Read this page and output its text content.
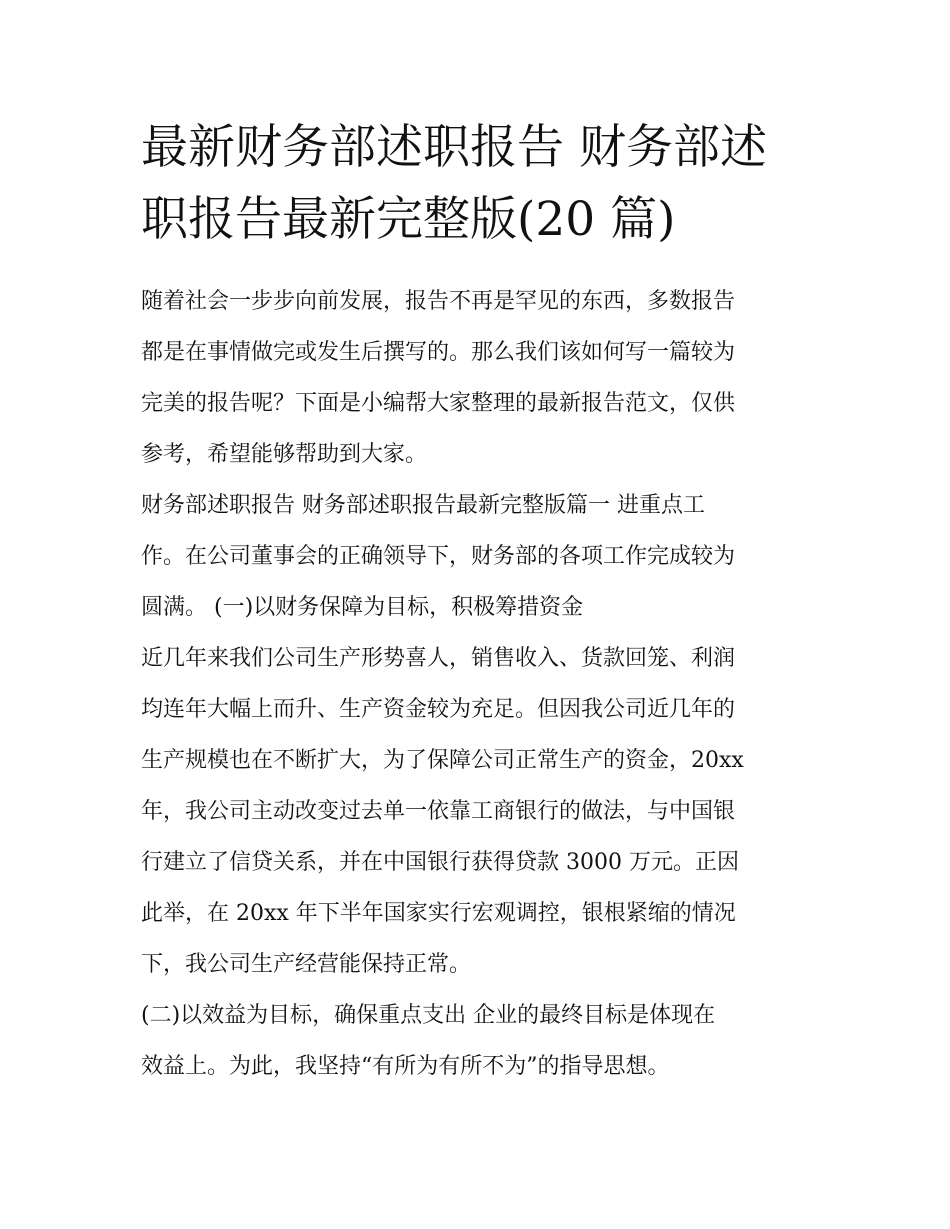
最新财务部述职报告 财务部述
职报告最新完整版(20 篇)

随着社会一步步向前发展，报告不再是罕见的东西，多数报告
都是在事情做完或发生后撰写的。那么我们该如何写一篇较为
完美的报告呢？下面是小编帮大家整理的最新报告范文，仅供
参考，希望能够帮助到大家。

财务部述职报告 财务部述职报告最新完整版篇一 进重点工
作。在公司董事会的正确领导下，财务部的各项工作完成较为
圆满。 (一)以财务保障为目标，积极筹措资金

近几年来我们公司生产形势喜人，销售收入、货款回笼、利润
均连年大幅上而升、生产资金较为充足。但因我公司近几年的
生产规模也在不断扩大，为了保障公司正常生产的资金，20xx
年，我公司主动改变过去单一依靠工商银行的做法，与中国银
行建立了信贷关系，并在中国银行获得贷款 3000 万元。正因
此举，在 20xx 年下半年国家实行宏观调控，银根紧缩的情况
下，我公司生产经营能保持正常。

(二)以效益为目标，确保重点支出 企业的最终目标是体现在
效益上。为此，我坚持“有所为有所不为”的指导思想。
